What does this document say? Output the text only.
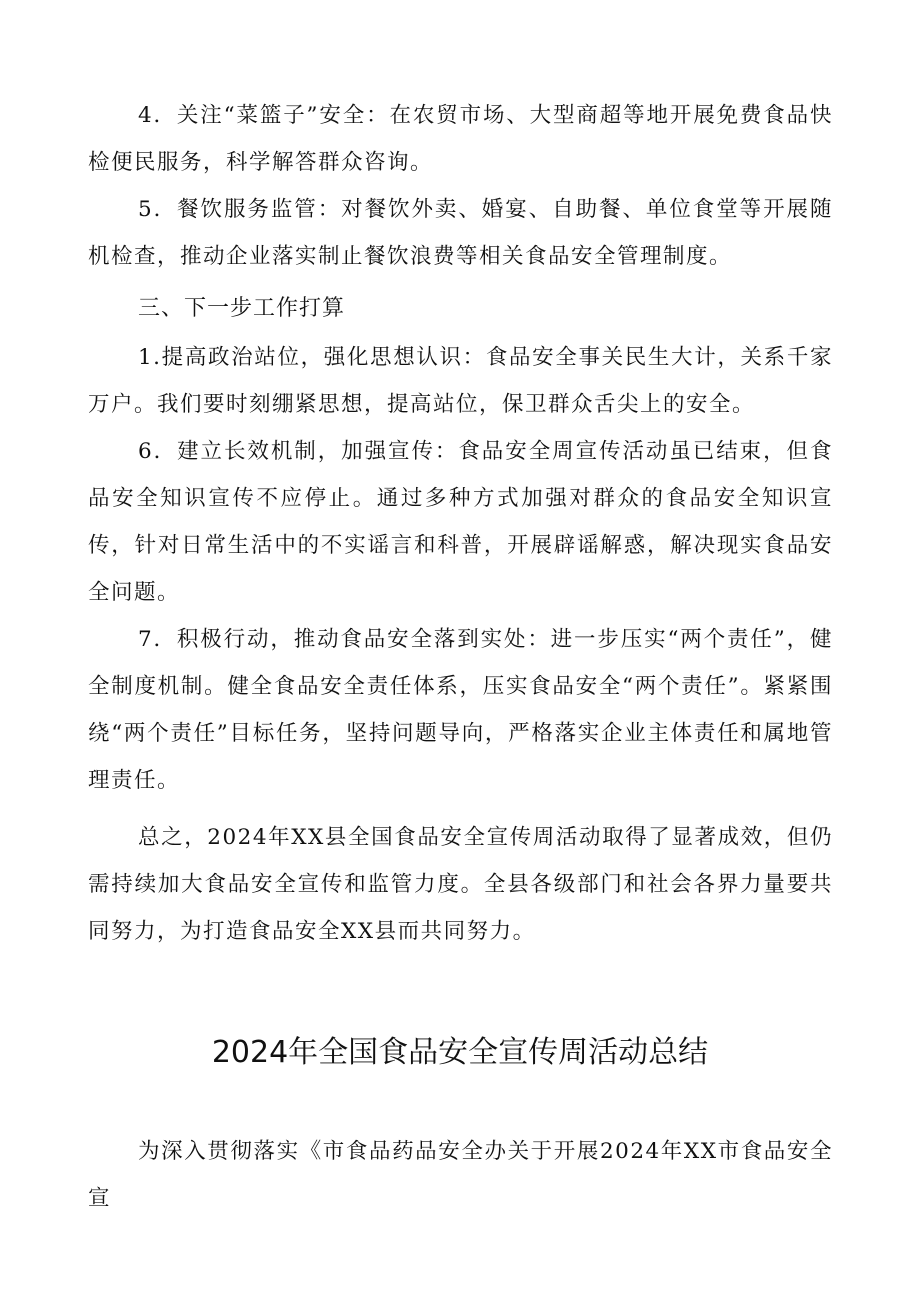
4．关注“菜篮子”安全：在农贸市场、大型商超等地开展免费食品快检便民服务，科学解答群众咨询。

5．餐饮服务监管：对餐饮外卖、婚宴、自助餐、单位食堂等开展随机检查，推动企业落实制止餐饮浪费等相关食品安全管理制度。

三、下一步工作打算

1.提高政治站位，强化思想认识：食品安全事关民生大计，关系千家万户。我们要时刻绷紧思想，提高站位，保卫群众舌尖上的安全。

6．建立长效机制，加强宣传：食品安全周宣传活动虽已结束，但食品安全知识宣传不应停止。通过多种方式加强对群众的食品安全知识宣传，针对日常生活中的不实谣言和科普，开展辟谣解惑，解决现实食品安全问题。

7．积极行动，推动食品安全落到实处：进一步压实“两个责任”，健全制度机制。健全食品安全责任体系，压实食品安全“两个责任”。紧紧围绕“两个责任”目标任务，坚持问题导向，严格落实企业主体责任和属地管理责任。

总之，2024年XX县全国食品安全宣传周活动取得了显著成效，但仍需持续加大食品安全宣传和监管力度。全县各级部门和社会各界力量要共同努力，为打造食品安全XX县而共同努力。

2024年全国食品安全宣传周活动总结

为深入贯彻落实《市食品药品安全办关于开展2024年XX市食品安全宣
